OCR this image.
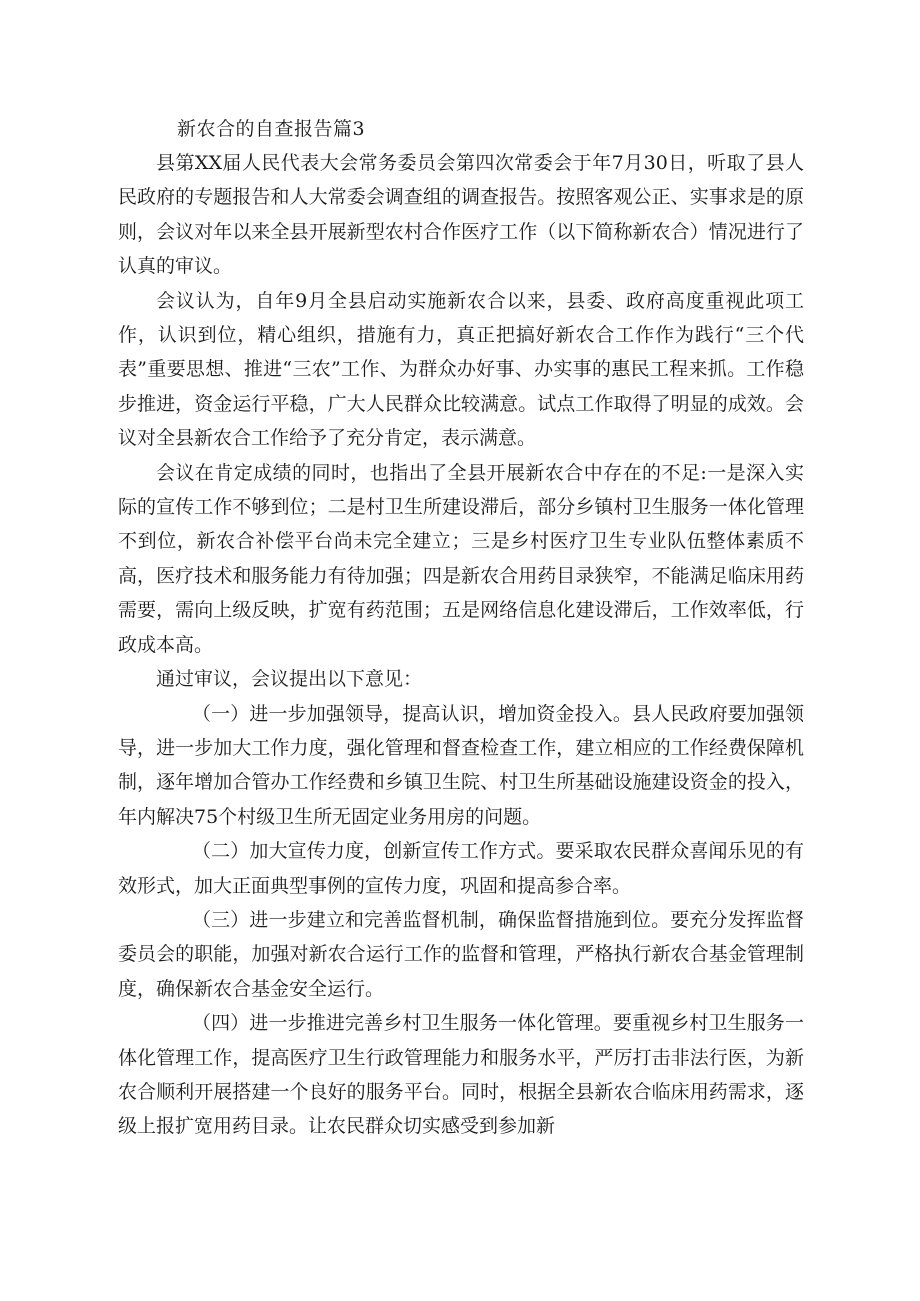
新农合的自查报告篇3

县第XX届人民代表大会常务委员会第四次常委会于年7月30日，听取了县人民政府的专题报告和人大常委会调查组的调查报告。按照客观公正、实事求是的原则，会议对年以来全县开展新型农村合作医疗工作（以下简称新农合）情况进行了认真的审议。

会议认为，自年9月全县启动实施新农合以来，县委、政府高度重视此项工作，认识到位，精心组织，措施有力，真正把搞好新农合工作作为践行“三个代表”重要思想、推进“三农”工作、为群众办好事、办实事的惠民工程来抓。工作稳步推进，资金运行平稳，广大人民群众比较满意。试点工作取得了明显的成效。会议对全县新农合工作给予了充分肯定，表示满意。

会议在肯定成绩的同时，也指出了全县开展新农合中存在的不足:一是深入实际的宣传工作不够到位；二是村卫生所建设滞后，部分乡镇村卫生服务一体化管理不到位，新农合补偿平台尚未完全建立；三是乡村医疗卫生专业队伍整体素质不高，医疗技术和服务能力有待加强；四是新农合用药目录狭窄，不能满足临床用药需要，需向上级反映，扩宽有药范围；五是网络信息化建设滞后，工作效率低，行政成本高。

通过审议，会议提出以下意见：

（一）进一步加强领导，提高认识，增加资金投入。县人民政府要加强领导，进一步加大工作力度，强化管理和督查检查工作，建立相应的工作经费保障机制，逐年增加合管办工作经费和乡镇卫生院、村卫生所基础设施建设资金的投入，年内解决75个村级卫生所无固定业务用房的问题。

（二）加大宣传力度，创新宣传工作方式。要采取农民群众喜闻乐见的有效形式，加大正面典型事例的宣传力度，巩固和提高参合率。

（三）进一步建立和完善监督机制，确保监督措施到位。要充分发挥监督委员会的职能，加强对新农合运行工作的监督和管理，严格执行新农合基金管理制度，确保新农合基金安全运行。

（四）进一步推进完善乡村卫生服务一体化管理。要重视乡村卫生服务一体化管理工作，提高医疗卫生行政管理能力和服务水平，严厉打击非法行医，为新农合顺利开展搭建一个良好的服务平台。同时，根据全县新农合临床用药需求，逐级上报扩宽用药目录。让农民群众切实感受到参加新
